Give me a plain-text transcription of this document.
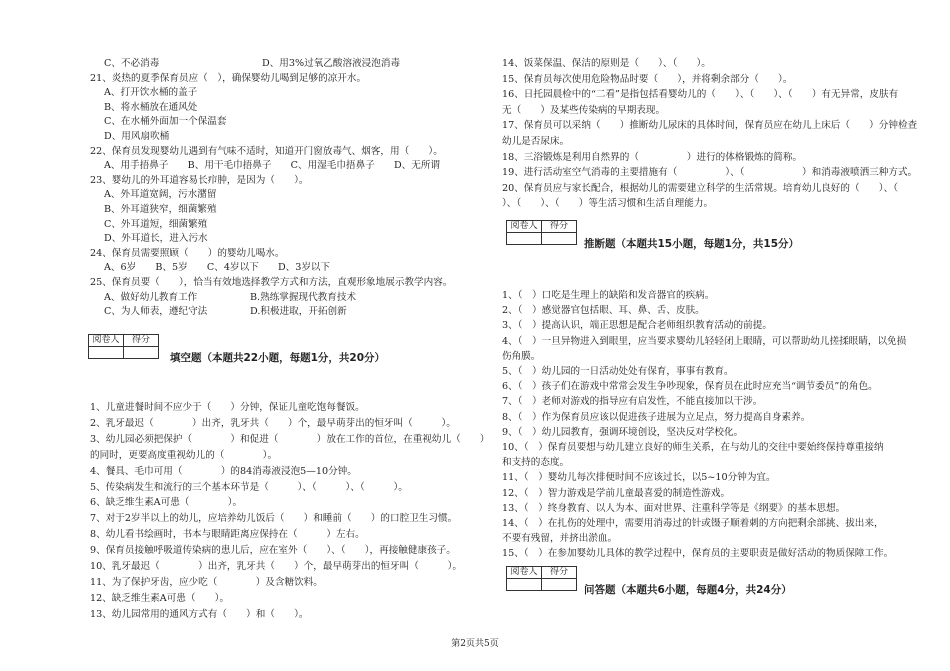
C、不必消毒	D、用3%过氧乙酸溶液浸泡消毒
21、炎热的夏季保育员应（　），确保婴幼儿喝到足够的凉开水。
A、打开饮水桶的盖子
B、将水桶放在通风处
C、在水桶外面加一个保温套
D、用风扇吹桶
22、保育员发现婴幼儿遇到有气味不适时，知道开门窗放毒气、烟客，用（　　）。
A、用手捂鼻子　　B、用干毛巾捂鼻子　　C、用湿毛巾捂鼻子　　D、无所谓
23、婴幼儿的外耳道容易长疖肿，是因为（　　）。
A、外耳道宽阔，污水潴留
B、外耳道狭窄，细菌繁殖
C、外耳道短，细菌繁殖
D、外耳道长，进入污水
24、保育员需要照顾（　　）的婴幼儿喝水。
A、6岁　　B、5岁　　C、4岁以下　　D、3岁以下
25、保育员要（　　），恰当有效地选择教学方式和方法，直观形象地展示教学内容。
A、做好幼儿教育工作	B.熟练掌握现代教育技术
C、为人师表，遵纪守法	D.积极进取，开拓创新
阅卷人	得分

填空题（本题共22小题，每题1分，共20分）
1、儿童进餐时间不应少于（　　）分钟，保证儿童吃饱每餐饭。
2、乳牙最迟（　　　　）出齐，乳牙共（　　）个，最早萌芽出的恒牙叫（　　　）。
3、幼儿园必须把保护（　　　　）和促进（　　　　）放在工作的首位，在重视幼儿（　　）
的同时，更要高度重视幼儿的（　　　　）。
4、餐具、毛巾可用（　　　　）的84消毒液浸泡5—10分钟。
5、传染病发生和流行的三个基本环节是（　　　）、（　　　）、（　　　）。
6、缺乏维生素A可患（　　　　）。
7、对于2岁半以上的幼儿，应培养幼儿饭后（　　）和睡前（　　）的口腔卫生习惯。
8、幼儿看书绘画时，书本与眼睛距离应保持在（　　　）左右。
9、保育员接触呼吸道传染病的患儿后，应在室外（　　）、（　　），再接触健康孩子。
10、乳牙最迟（　　　　）出齐，乳牙共（　　）个，最早萌芽出的恒牙叫（　　　）。
11、为了保护牙齿，应少吃（　　　　）及含糖饮料。
12、缺乏维生素A可患（　　）。
13、幼儿园常用的通风方式有（　　）和（　　）。
14、饭菜保温、保洁的原则是（　　）、（　　）。
15、保育员每次使用危险物品时要（　　），并将剩余部分（　　）。
16、日托园晨检中的“二看”是指包括看婴幼儿的（　　）、（　　）、（　　）有无异常，皮肤有
无（　　）及某些传染病的早期表现。
17、保育员可以采纳（　　）推断幼儿尿床的具体时间，保育员应在幼儿上床后（　　）分钟检查
幼儿是否尿床。
18、三浴锻炼是利用自然界的（　　　　　）进行的体格锻炼的简称。
19、进行活动室空气消毒的主要措施有（　　　　　）、（　　　　　　）和消毒液喷洒三种方式。
20、保育员应与家长配合，根据幼儿的需要建立科学的生活常规。培育幼儿良好的（　　）、（　
）、（　　）、（　　）等生活习惯和生活自理能力。
阅卷人	得分

推断题（本题共15小题，每题1分，共15分）
1、（　）口吃是生理上的缺陷和发音器官的疾病。
2、（　）感觉器官包括眼、耳、鼻、舌、皮肤。
3、（　）提高认识，端正思想是配合老师组织教育活动的前提。
4、（　）一旦异物进入到眼里，应当要求婴幼儿轻轻闭上眼睛，可以帮助幼儿搓揉眼睛，以免损
伤角膜。
5、（　）幼儿园的一日活动处处有保育，事事有教育。
6、（　）孩子们在游戏中常常会发生争吵现象，保育员在此时应充当“调节委员”的角色。
7、（　）老师对游戏的指导应有启发性，不能直接加以干涉。
8、（　）作为保育员应该以促进孩子进展为立足点，努力提高自身素养。
9、（　）幼儿园教育，强调环境创设，坚决反对学校化。
10、（　）保育员要想与幼儿建立良好的师生关系，在与幼儿的交往中要始终保持尊重接纳
和支持的态度。
11、（　）婴幼儿每次排便时间不应该过长，以5~10分钟为宜。
12、（　）智力游戏是学前儿童最喜爱的制造性游戏。
13、（　）终身教育、以人为本、面对世界、注重科学等是《纲要》的基本思想。
14、（　）在扎伤的处理中，需要用消毒过的针或镊子顺着刺的方向把剩余部挑、拔出来，
不要有残留，并挤出淤血。
15、（　）在参加婴幼儿具体的教学过程中，保育员的主要职责是做好活动的物质保障工作。
阅卷人	得分

问答题（本题共6小题，每题4分，共24分）
第2页共5页
